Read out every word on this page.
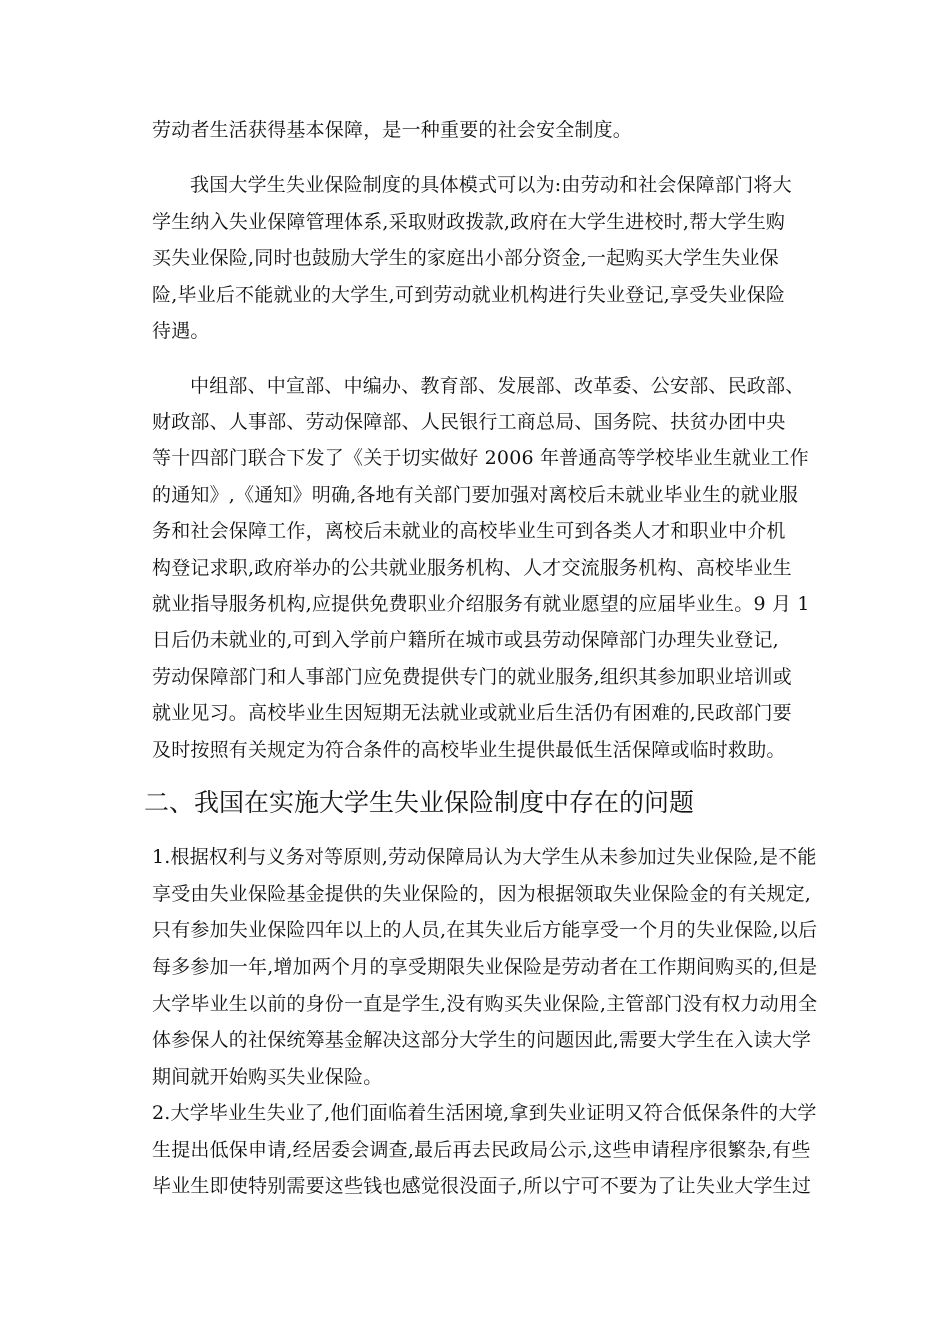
劳动者生活获得基本保障，是一种重要的社会安全制度。
我国大学生失业保险制度的具体模式可以为:由劳动和社会保障部门将大
学生纳入失业保障管理体系,采取财政拨款,政府在大学生进校时,帮大学生购
买失业保险,同时也鼓励大学生的家庭出小部分资金,一起购买大学生失业保
险,毕业后不能就业的大学生,可到劳动就业机构进行失业登记,享受失业保险
待遇。
中组部、中宣部、中编办、教育部、发展部、改革委、公安部、民政部、
财政部、人事部、劳动保障部、人民银行工商总局、国务院、扶贫办团中央
等十四部门联合下发了《关于切实做好 2006 年普通高等学校毕业生就业工作
的通知》,《通知》明确,各地有关部门要加强对离校后未就业毕业生的就业服
务和社会保障工作，离校后未就业的高校毕业生可到各类人才和职业中介机
构登记求职,政府举办的公共就业服务机构、人才交流服务机构、高校毕业生
就业指导服务机构,应提供免费职业介绍服务有就业愿望的应届毕业生。9 月 1
日后仍未就业的,可到入学前户籍所在城市或县劳动保障部门办理失业登记,
劳动保障部门和人事部门应免费提供专门的就业服务,组织其参加职业培训或
就业见习。高校毕业生因短期无法就业或就业后生活仍有困难的,民政部门要
及时按照有关规定为符合条件的高校毕业生提供最低生活保障或临时救助。
二、我国在实施大学生失业保险制度中存在的问题
1.根据权利与义务对等原则,劳动保障局认为大学生从未参加过失业保险,是不能
享受由失业保险基金提供的失业保险的，因为根据领取失业保险金的有关规定,
只有参加失业保险四年以上的人员,在其失业后方能享受一个月的失业保险,以后
每多参加一年,增加两个月的享受期限失业保险是劳动者在工作期间购买的,但是
大学毕业生以前的身份一直是学生,没有购买失业保险,主管部门没有权力动用全
体参保人的社保统筹基金解决这部分大学生的问题因此,需要大学生在入读大学
期间就开始购买失业保险。
2.大学毕业生失业了,他们面临着生活困境,拿到失业证明又符合低保条件的大学
生提出低保申请,经居委会调查,最后再去民政局公示,这些申请程序很繁杂,有些
毕业生即使特别需要这些钱也感觉很没面子,所以宁可不要为了让失业大学生过
